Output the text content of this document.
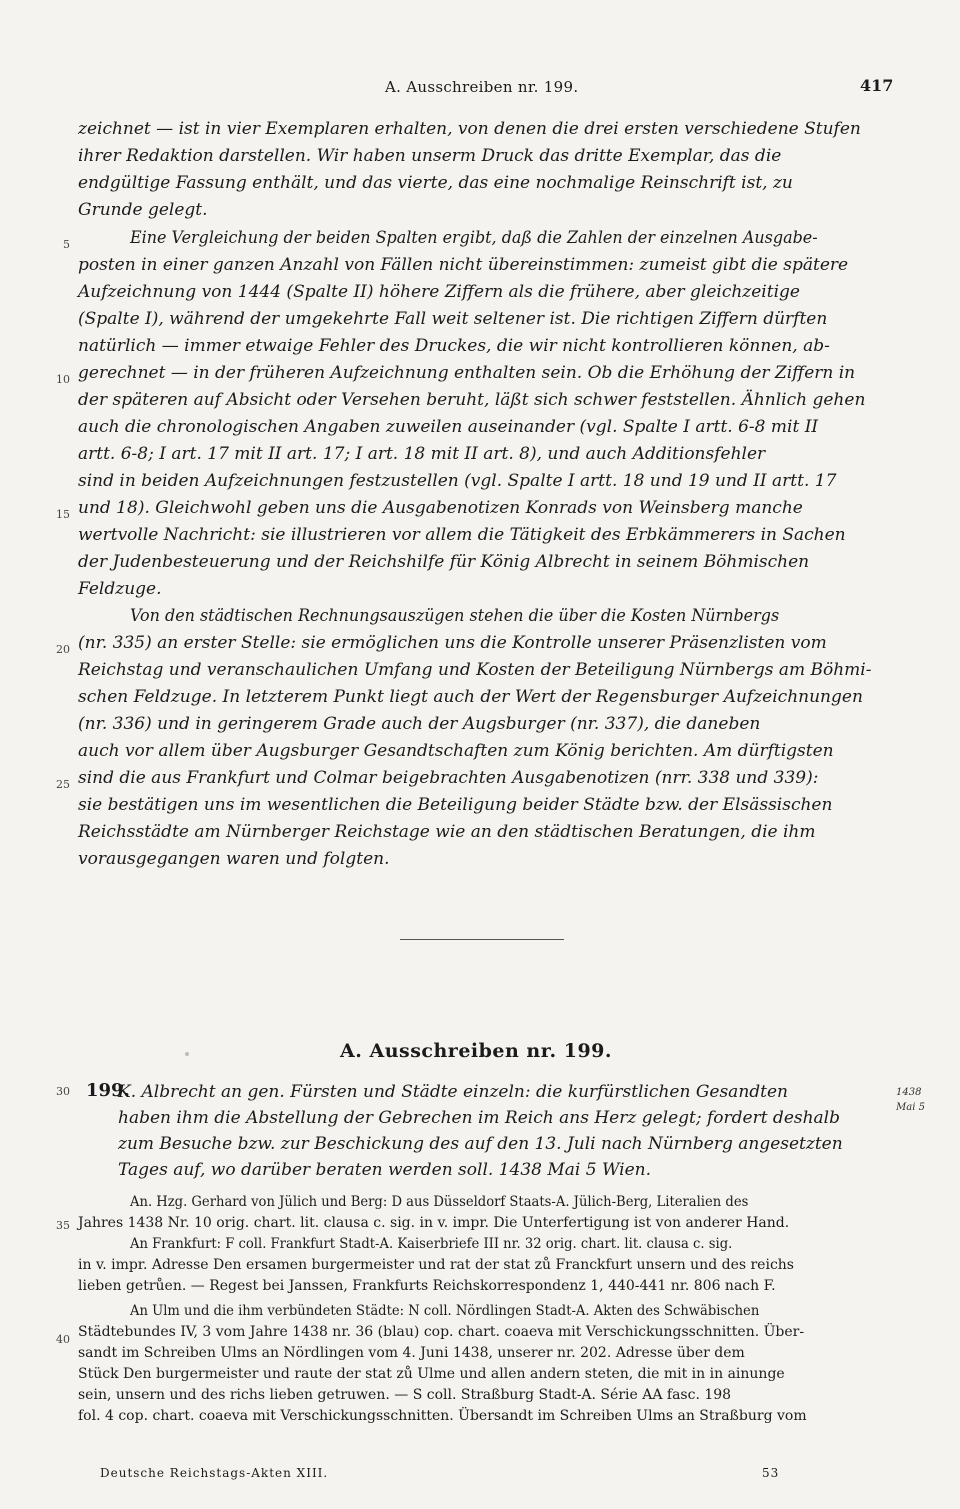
A. Ausschreiben nr. 199.	417
zeichnet — ist in vier Exemplaren erhalten, von denen die drei ersten verschiedene Stufen
ihrer Redaktion darstellen. Wir haben unserm Druck das dritte Exemplar, das die
endgültige Fassung enthält, und das vierte, das eine nochmalige Reinschrift ist, zu
Grunde gelegt.
Eine Vergleichung der beiden Spalten ergibt, daß die Zahlen der einzelnen Ausgabe-
posten in einer ganzen Anzahl von Fällen nicht übereinstimmen: zumeist gibt die spätere
Aufzeichnung von 1444 (Spalte II) höhere Ziffern als die frühere, aber gleichzeitige
(Spalte I), während der umgekehrte Fall weit seltener ist. Die richtigen Ziffern dürften
natürlich — immer etwaige Fehler des Druckes, die wir nicht kontrollieren können, ab-
gerechnet — in der früheren Aufzeichnung enthalten sein. Ob die Erhöhung der Ziffern in
der späteren auf Absicht oder Versehen beruht, läßt sich schwer feststellen. Ähnlich gehen
auch die chronologischen Angaben zuweilen auseinander (vgl. Spalte I artt. 6-8 mit II
artt. 6-8; I art. 17 mit II art. 17; I art. 18 mit II art. 8), und auch Additionsfehler
sind in beiden Aufzeichnungen festzustellen (vgl. Spalte I artt. 18 und 19 und II artt. 17
und 18). Gleichwohl geben uns die Ausgabenotizen Konrads von Weinsberg manche
wertvolle Nachricht: sie illustrieren vor allem die Tätigkeit des Erbkämmerers in Sachen
der Judenbesteuerung und der Reichshilfe für König Albrecht in seinem Böhmischen
Feldzuge.
Von den städtischen Rechnungsauszügen stehen die über die Kosten Nürnbergs
(nr. 335) an erster Stelle: sie ermöglichen uns die Kontrolle unserer Präsenzlisten vom
Reichstag und veranschaulichen Umfang und Kosten der Beteiligung Nürnbergs am Böhmi-
schen Feldzuge. In letzterem Punkt liegt auch der Wert der Regensburger Aufzeichnungen
(nr. 336) und in geringerem Grade auch der Augsburger (nr. 337), die daneben
auch vor allem über Augsburger Gesandtschaften zum König berichten. Am dürftigsten
sind die aus Frankfurt und Colmar beigebrachten Ausgabenotizen (nrr. 338 und 339):
sie bestätigen uns im wesentlichen die Beteiligung beider Städte bzw. der Elsässischen
Reichsstädte am Nürnberger Reichstage wie an den städtischen Beratungen, die ihm
vorausgegangen waren und folgten.
5
10
15
20
25
30
35
40
A. Ausschreiben nr. 199.
199.
K. Albrecht an gen. Fürsten und Städte einzeln: die kurfürstlichen Gesandten
haben ihm die Abstellung der Gebrechen im Reich ans Herz gelegt; fordert deshalb
zum Besuche bzw. zur Beschickung des auf den 13. Juli nach Nürnberg angesetzten
Tages auf, wo darüber beraten werden soll. 1438 Mai 5 Wien.
1438
Mai 5
An. Hzg. Gerhard von Jülich und Berg: D aus Düsseldorf Staats-A. Jülich-Berg, Literalien des
Jahres 1438 Nr. 10 orig. chart. lit. clausa c. sig. in v. impr. Die Unterfertigung ist von anderer Hand.
An Frankfurt: F coll. Frankfurt Stadt-A. Kaiserbriefe III nr. 32 orig. chart. lit. clausa c. sig.
in v. impr. Adresse Den ersamen burgermeister und rat der stat zů Franckfurt unsern und des reichs
lieben getrůen. — Regest bei Janssen, Frankfurts Reichskorrespondenz 1, 440-441 nr. 806 nach F.
An Ulm und die ihm verbündeten Städte: N coll. Nördlingen Stadt-A. Akten des Schwäbischen
Städtebundes IV, 3 vom Jahre 1438 nr. 36 (blau) cop. chart. coaeva mit Verschickungsschnitten. Über-
sandt im Schreiben Ulms an Nördlingen vom 4. Juni 1438, unserer nr. 202. Adresse über dem
Stück Den burgermeister und raute der stat zů Ulme und allen andern steten, die mit in in ainunge
sein, unsern und des richs lieben getruwen. — S coll. Straßburg Stadt-A. Série AA fasc. 198
fol. 4 cop. chart. coaeva mit Verschickungsschnitten. Übersandt im Schreiben Ulms an Straßburg vom
Deutsche Reichstags-Akten XIII.	53
